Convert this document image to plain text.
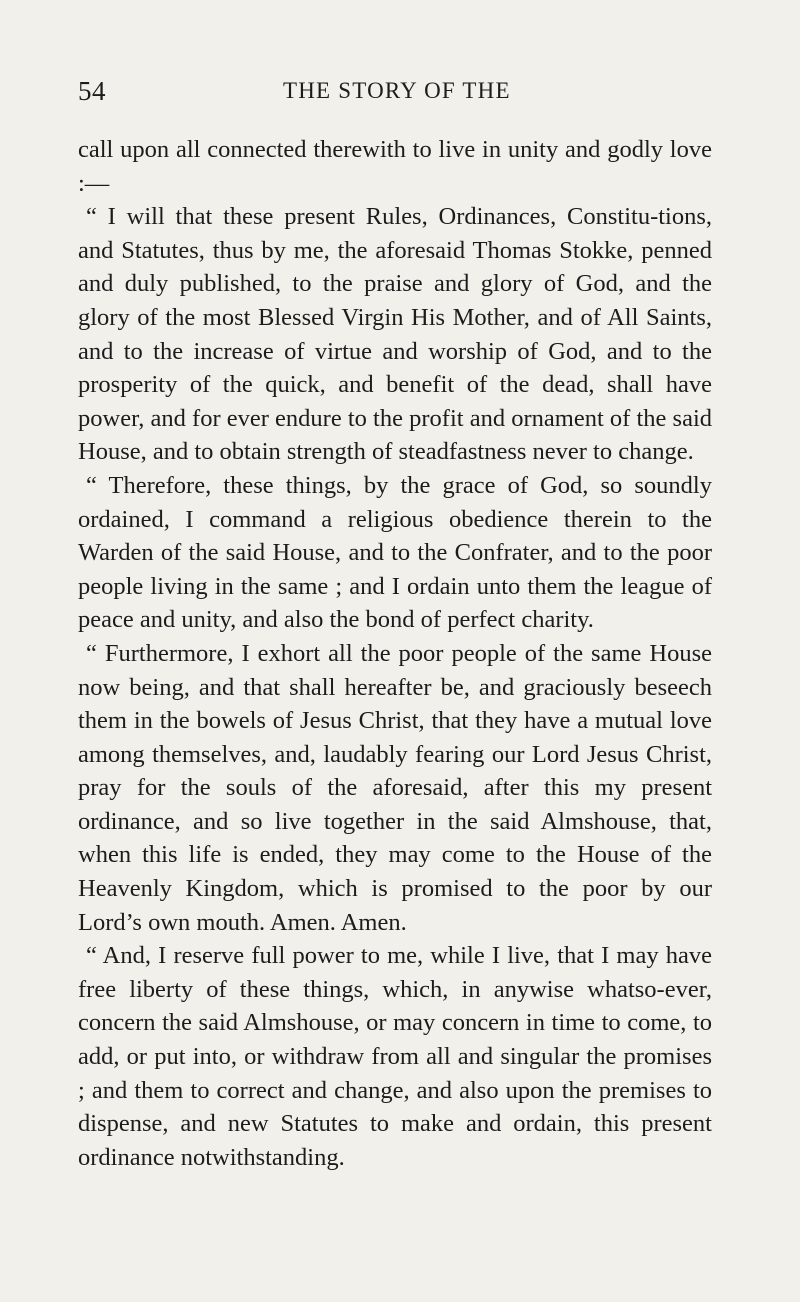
54	THE STORY OF THE

call upon all connected therewith to live in unity and godly love :—

“ I will that these present Rules, Ordinances, Constitu-tions, and Statutes, thus by me, the aforesaid Thomas Stokke, penned and duly published, to the praise and glory of God, and the glory of the most Blessed Virgin His Mother, and of All Saints, and to the increase of virtue and worship of God, and to the prosperity of the quick, and benefit of the dead, shall have power, and for ever endure to the profit and ornament of the said House, and to obtain strength of steadfastness never to change.

“ Therefore, these things, by the grace of God, so soundly ordained, I command a religious obedience therein to the Warden of the said House, and to the Confrater, and to the poor people living in the same ; and I ordain unto them the league of peace and unity, and also the bond of perfect charity.

“ Furthermore, I exhort all the poor people of the same House now being, and that shall hereafter be, and graciously beseech them in the bowels of Jesus Christ, that they have a mutual love among themselves, and, laudably fearing our Lord Jesus Christ, pray for the souls of the aforesaid, after this my present ordinance, and so live together in the said Almshouse, that, when this life is ended, they may come to the House of the Heavenly Kingdom, which is promised to the poor by our Lord’s own mouth. Amen. Amen.

“ And, I reserve full power to me, while I live, that I may have free liberty of these things, which, in anywise whatso-ever, concern the said Almshouse, or may concern in time to come, to add, or put into, or withdraw from all and singular the promises ; and them to correct and change, and also upon the premises to dispense, and new Statutes to make and ordain, this present ordinance notwithstanding.
